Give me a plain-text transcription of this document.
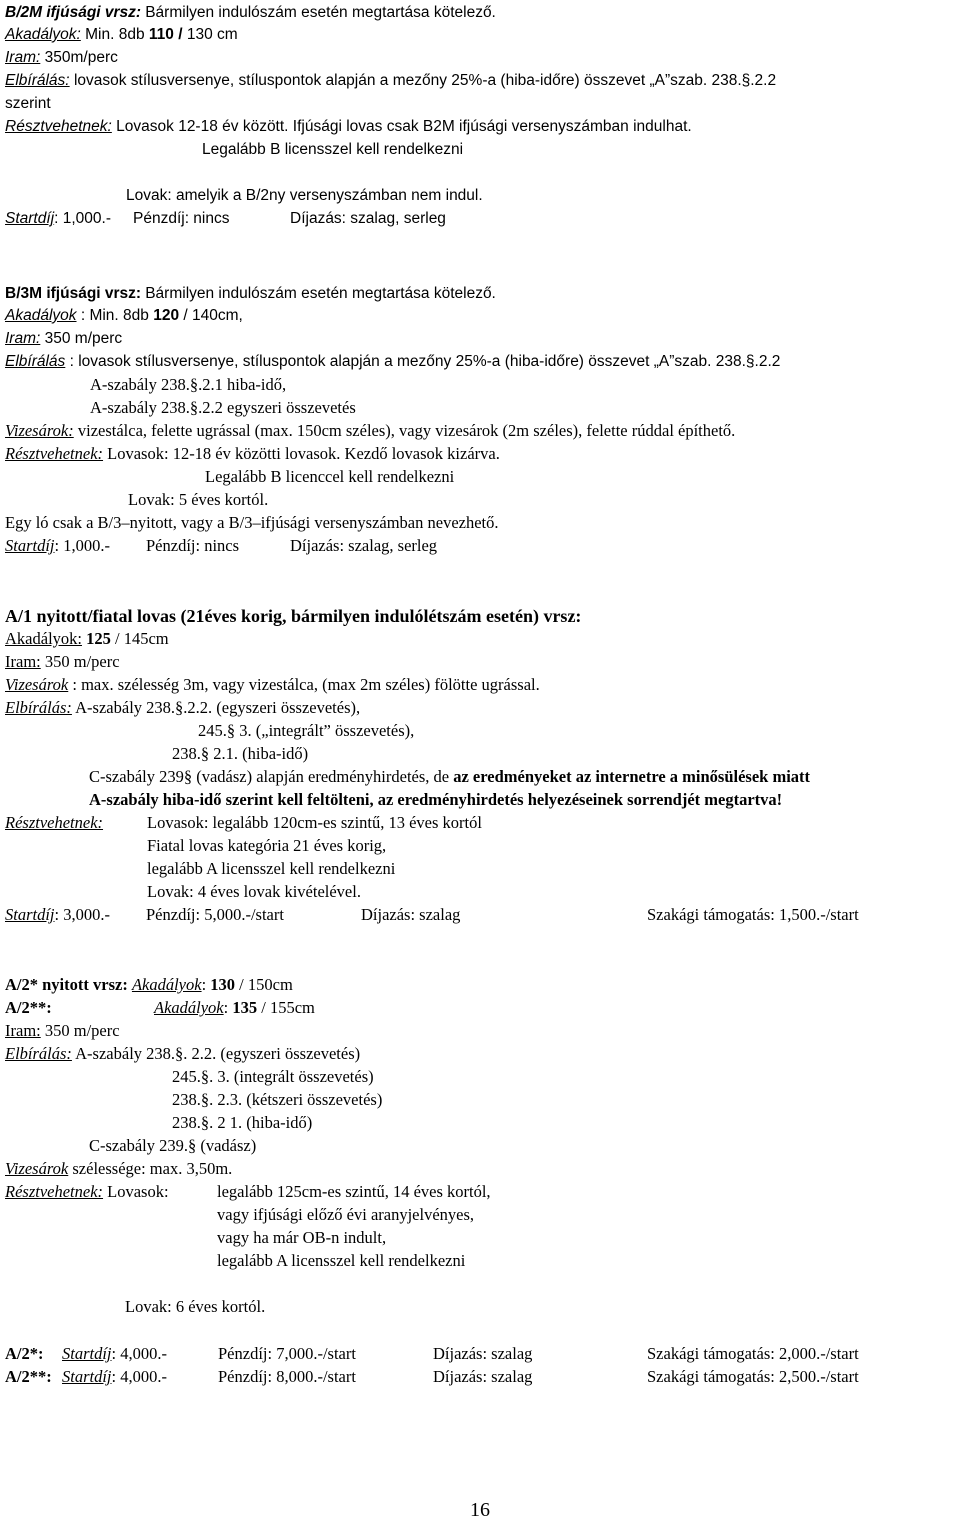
B/2M ifjúsági vrsz: Bármilyen indulószám esetén megtartása kötelező.
Akadályok: Min. 8db 110 / 130 cm
Iram: 350m/perc
Elbírálás: lovasok stílusversenye, stíluspontok alapján a mezőny 25%-a (hiba-időre) összevet „A”szab. 238.§.2.2
szerint
Résztvehetnek: Lovasok 12-18 év között. Ifjúsági lovas csak B2M ifjúsági versenyszámban indulhat.
Legalább B licensszel kell rendelkezni
Lovak: amelyik a B/2ny versenyszámban nem indul.
Startdíj: 1,000.- Pénzdíj: nincs	Díjazás: szalag, serleg
B/3M ifjúsági vrsz: Bármilyen indulószám esetén megtartása kötelező.
Akadályok : Min. 8db 120 / 140cm,
Iram: 350 m/perc
Elbírálás : lovasok stílusversenye, stíluspontok alapján a mezőny 25%-a (hiba-időre) összevet „A”szab. 238.§.2.2
A-szabály 238.§.2.1 hiba-idő,
A-szabály 238.§.2.2 egyszeri összevetés
Vizesárok: vizestálca, felette ugrással (max. 150cm széles), vagy vizesárok (2m széles), felette rúddal építhető.
Résztvehetnek: Lovasok: 12-18 év közötti lovasok. Kezdő lovasok kizárva.
Legalább B licenccel kell rendelkezni
Lovak: 5 éves kortól.
Egy ló csak a B/3–nyitott, vagy a B/3–ifjúsági versenyszámban nevezhető.
Startdíj: 1,000.- Pénzdíj: nincs	Díjazás: szalag, serleg
A/1 nyitott/fiatal lovas (21éves korig, bármilyen indulólétszám esetén) vrsz:
Akadályok: 125 / 145cm
Iram: 350 m/perc
Vizesárok : max. szélesség 3m, vagy vizestálca, (max 2m széles) fölötte ugrással.
Elbírálás: A-szabály 238.§.2.2. (egyszeri összevetés),
245.§ 3. („integrált” összevetés),
238.§ 2.1. (hiba-idő)
C-szabály 239§ (vadász) alapján eredményhirdetés, de az eredményeket az internetre a minősülések miatt
A-szabály hiba-idő szerint kell feltölteni, az eredményhirdetés helyezéseinek sorrendjét megtartva!
Résztvehetnek:	Lovasok: legalább 120cm-es szintű, 13 éves kortól
Fiatal lovas kategória 21 éves korig,
legalább A licensszel kell rendelkezni
Lovak: 4 éves lovak kivételével.
Startdíj: 3,000.- Pénzdíj: 5,000.-/start	Díjazás: szalag	Szakági támogatás: 1,500.-/start
A/2* nyitott vrsz: Akadályok: 130 / 150cm
A/2**:	Akadályok: 135 / 155cm
Iram: 350 m/perc
Elbírálás: A-szabály 238.§. 2.2. (egyszeri összevetés)
245.§. 3. (integrált összevetés)
238.§. 2.3. (kétszeri összevetés)
238.§. 2 1. (hiba-idő)
C-szabály 239.§ (vadász)
Vizesárok szélessége: max. 3,50m.
Résztvehetnek: Lovasok:	legalább 125cm-es szintű, 14 éves kortól,
vagy ifjúsági előző évi aranyjelvényes,
vagy ha már OB-n indult,
legalább A licensszel kell rendelkezni
Lovak: 6 éves kortól.
A/2*: Startdíj: 4,000.-	Pénzdíj: 7,000.-/start	Díjazás: szalag	Szakági támogatás: 2,000.-/start
A/2**: Startdíj: 4,000.-	Pénzdíj: 8,000.-/start	Díjazás: szalag	Szakági támogatás: 2,500.-/start
16
